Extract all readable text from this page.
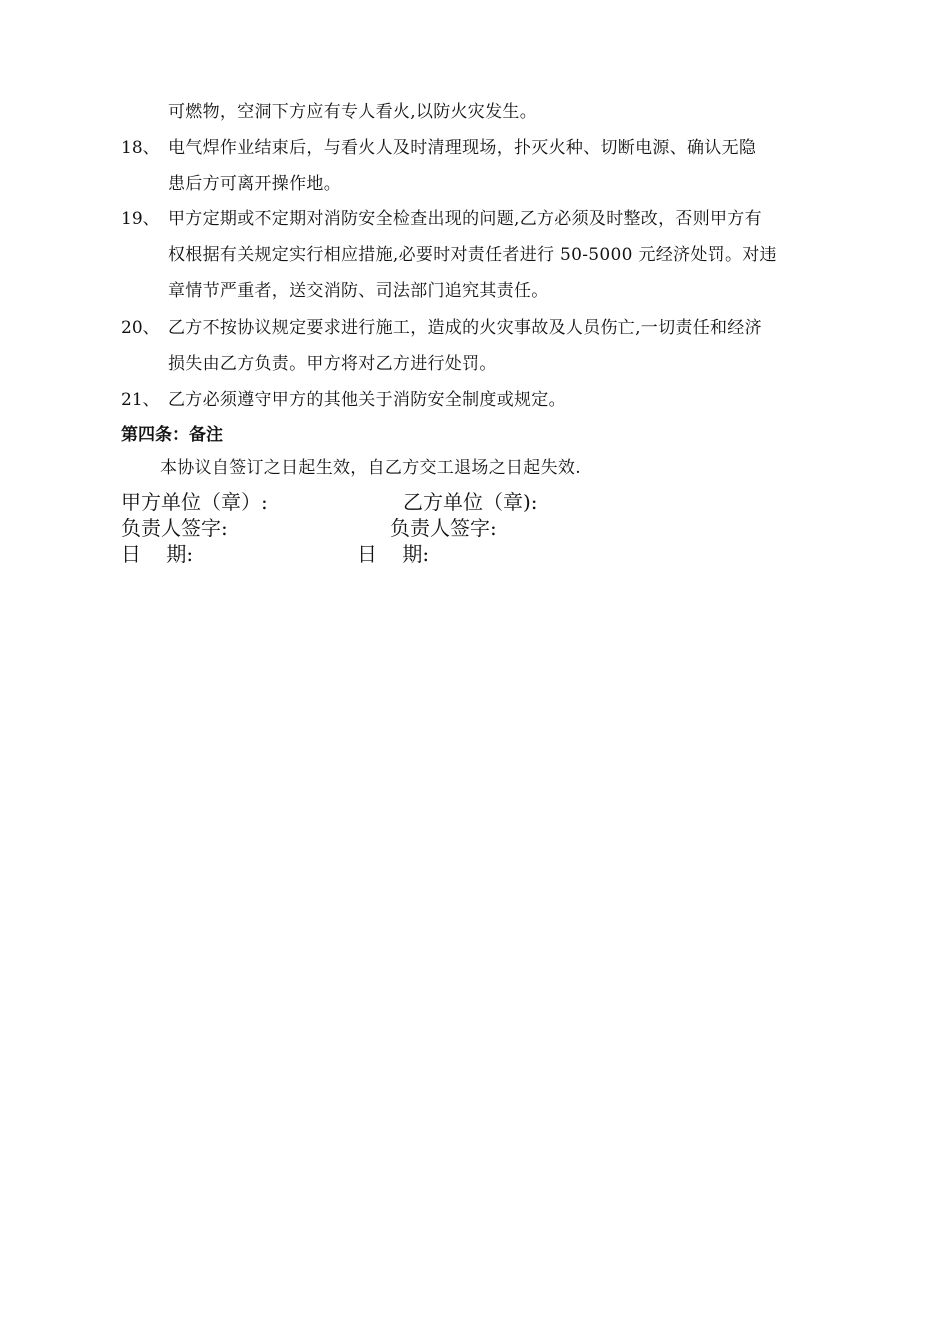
可燃物，空洞下方应有专人看火,以防火灾发生。
18、 电气焊作业结束后，与看火人及时清理现场，扑灭火种、切断电源、确认无隐
患后方可离开操作地。
19、 甲方定期或不定期对消防安全检查出现的问题,乙方必须及时整改，否则甲方有
权根据有关规定实行相应措施,必要时对责任者进行 50-5000 元经济处罚。对违
章情节严重者，送交消防、司法部门追究其责任。
20、 乙方不按协议规定要求进行施工，造成的火灾事故及人员伤亡,一切责任和经济
损失由乙方负责。甲方将对乙方进行处罚。
21、 乙方必须遵守甲方的其他关于消防安全制度或规定。
第四条：备注
本协议自签订之日起生效，自乙方交工退场之日起失效.
甲方单位（章）:	乙方单位（章):
负责人签字:	负责人签字:
日    期:	日    期:
